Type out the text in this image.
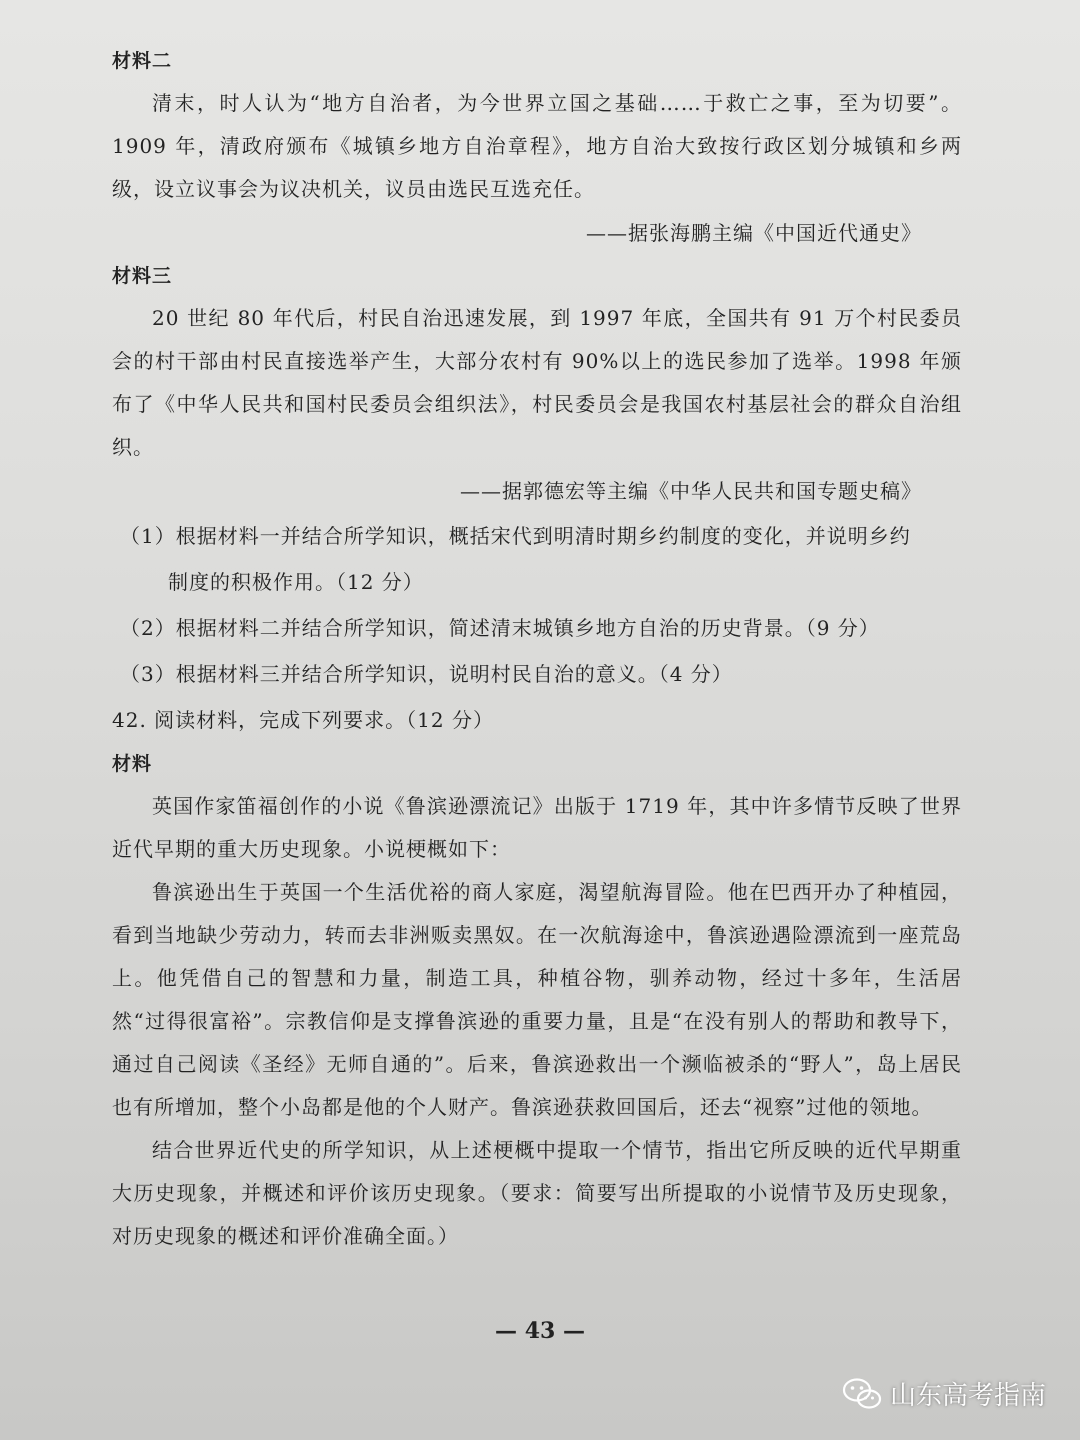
材料二
清末，时人认为“地方自治者，为今世界立国之基础……于救亡之事，至为切要”。1909 年，清政府颁布《城镇乡地方自治章程》，地方自治大致按行政区划分城镇和乡两级，设立议事会为议决机关，议员由选民互选充任。
——据张海鹏主编《中国近代通史》
材料三
20 世纪 80 年代后，村民自治迅速发展，到 1997 年底，全国共有 91 万个村民委员会的村干部由村民直接选举产生，大部分农村有 90%以上的选民参加了选举。1998 年颁布了《中华人民共和国村民委员会组织法》，村民委员会是我国农村基层社会的群众自治组织。
——据郭德宏等主编《中华人民共和国专题史稿》
（1）根据材料一并结合所学知识，概括宋代到明清时期乡约制度的变化，并说明乡约
制度的积极作用。（12 分）
（2）根据材料二并结合所学知识，简述清末城镇乡地方自治的历史背景。（9 分）
（3）根据材料三并结合所学知识，说明村民自治的意义。（4 分）
42. 阅读材料，完成下列要求。（12 分）
材料
英国作家笛福创作的小说《鲁滨逊漂流记》出版于 1719 年，其中许多情节反映了世界近代早期的重大历史现象。小说梗概如下：
鲁滨逊出生于英国一个生活优裕的商人家庭，渴望航海冒险。他在巴西开办了种植园，看到当地缺少劳动力，转而去非洲贩卖黑奴。在一次航海途中，鲁滨逊遇险漂流到一座荒岛上。他凭借自己的智慧和力量，制造工具，种植谷物，驯养动物，经过十多年，生活居然“过得很富裕”。宗教信仰是支撑鲁滨逊的重要力量，且是“在没有别人的帮助和教导下，通过自己阅读《圣经》无师自通的”。后来，鲁滨逊救出一个濒临被杀的“野人”，岛上居民也有所增加，整个小岛都是他的个人财产。鲁滨逊获救回国后，还去“视察”过他的领地。
结合世界近代史的所学知识，从上述梗概中提取一个情节，指出它所反映的近代早期重大历史现象，并概述和评价该历史现象。（要求：简要写出所提取的小说情节及历史现象，对历史现象的概述和评价准确全面。）
— 43 —
山东高考指南
